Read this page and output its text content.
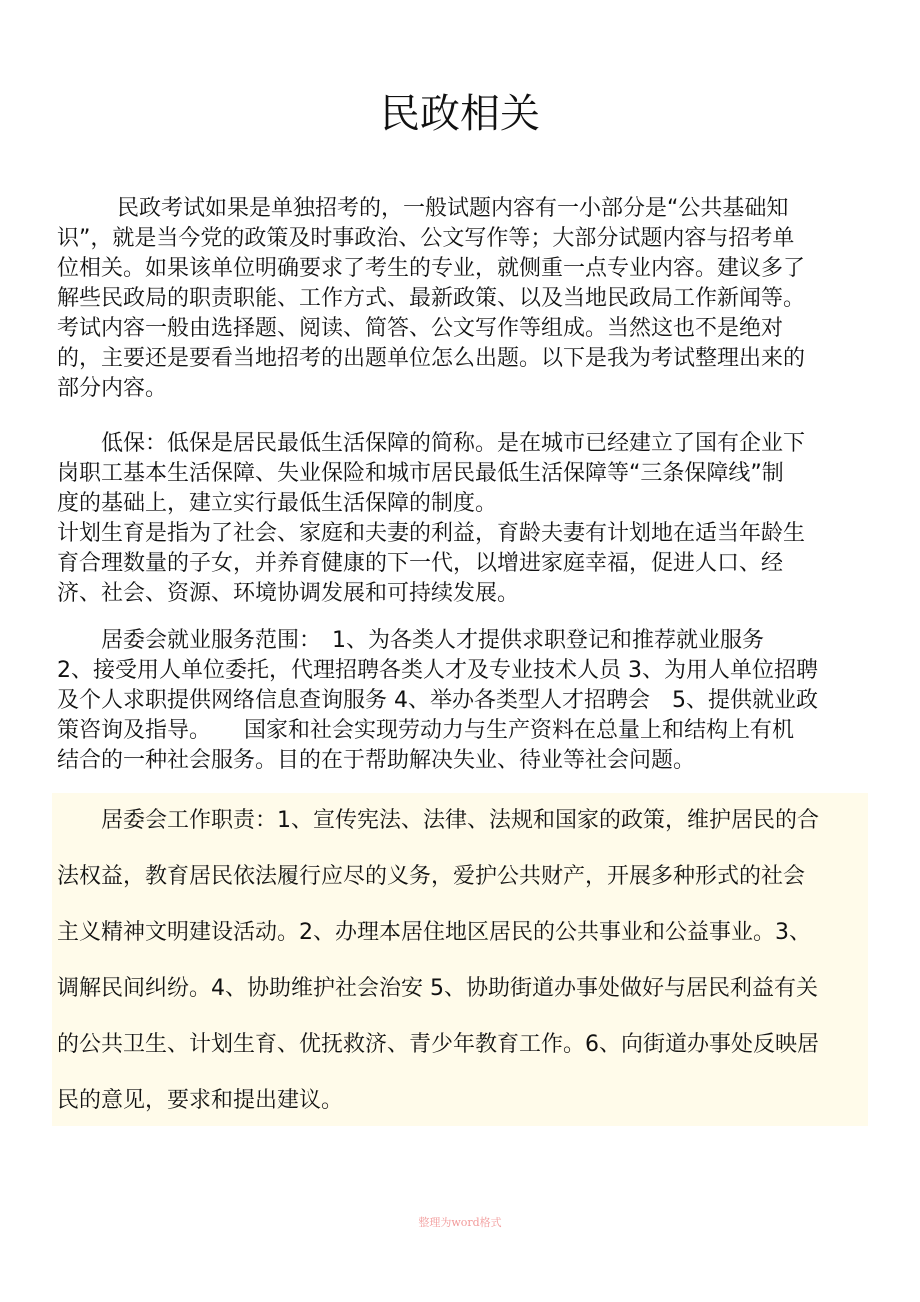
民政相关
民政考试如果是单独招考的，一般试题内容有一小部分是“公共基础知
识”，就是当今党的政策及时事政治、公文写作等；大部分试题内容与招考单
位相关。如果该单位明确要求了考生的专业，就侧重一点专业内容。建议多了
解些民政局的职责职能、工作方式、最新政策、以及当地民政局工作新闻等。
考试内容一般由选择题、阅读、简答、公文写作等组成。当然这也不是绝对
的，主要还是要看当地招考的出题单位怎么出题。以下是我为考试整理出来的
部分内容。
低保：低保是居民最低生活保障的简称。是在城市已经建立了国有企业下
岗职工基本生活保障、失业保险和城市居民最低生活保障等“三条保障线”制
度的基础上，建立实行最低生活保障的制度。
计划生育是指为了社会、家庭和夫妻的利益，育龄夫妻有计划地在适当年龄生
育合理数量的子女，并养育健康的下一代，以增进家庭幸福，促进人口、经
济、社会、资源、环境协调发展和可持续发展。
居委会就业服务范围：　1、为各类人才提供求职登记和推荐就业服务
2、接受用人单位委托，代理招聘各类人才及专业技术人员 3、为用人单位招聘
及个人求职提供网络信息查询服务 4、举办各类型人才招聘会　5、提供就业政
策咨询及指导。　　国家和社会实现劳动力与生产资料在总量上和结构上有机
结合的一种社会服务。目的在于帮助解决失业、待业等社会问题。
居委会工作职责：1、宣传宪法、法律、法规和国家的政策，维护居民的合
法权益，教育居民依法履行应尽的义务，爱护公共财产，开展多种形式的社会
主义精神文明建设活动。2、办理本居住地区居民的公共事业和公益事业。3、
调解民间纠纷。4、协助维护社会治安 5、协助街道办事处做好与居民利益有关
的公共卫生、计划生育、优抚救济、青少年教育工作。6、向街道办事处反映居
民的意见，要求和提出建议。
整理为word格式
